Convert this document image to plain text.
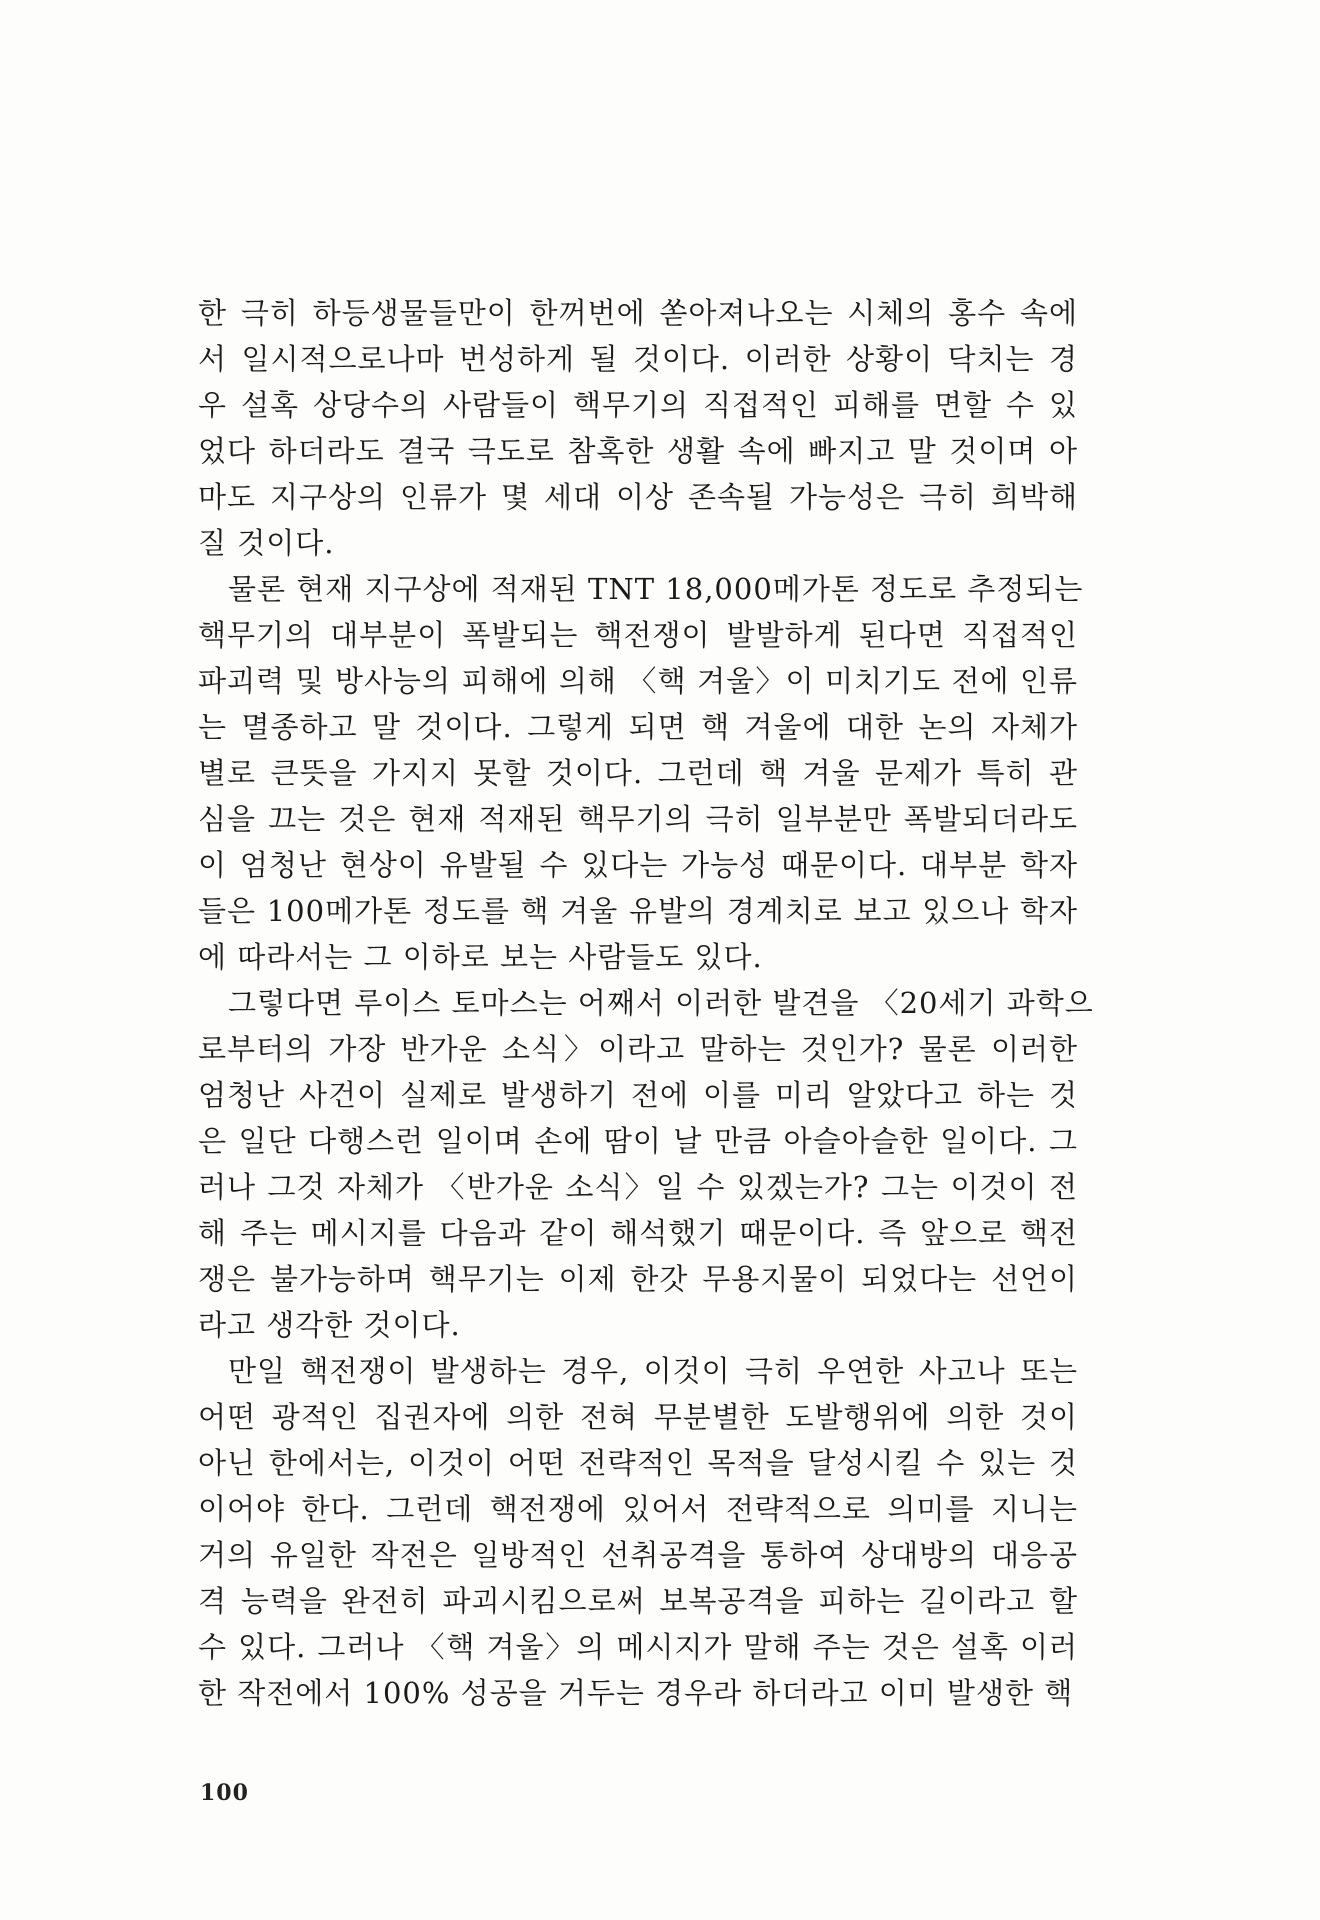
한 극히 하등생물들만이 한꺼번에 쏟아져나오는 시체의 홍수 속에
서 일시적으로나마 번성하게 될 것이다. 이러한 상황이 닥치는 경
우 설혹 상당수의 사람들이 핵무기의 직접적인 피해를 면할 수 있
었다 하더라도 결국 극도로 참혹한 생활 속에 빠지고 말 것이며 아
마도 지구상의 인류가 몇 세대 이상 존속될 가능성은 극히 희박해
질 것이다.
물론 현재 지구상에 적재된 TNT 18,000메가톤 정도로 추정되는
핵무기의 대부분이 폭발되는 핵전쟁이 발발하게 된다면 직접적인
파괴력 및 방사능의 피해에 의해 〈핵 겨울〉이 미치기도 전에 인류
는 멸종하고 말 것이다. 그렇게 되면 핵 겨울에 대한 논의 자체가
별로 큰뜻을 가지지 못할 것이다. 그런데 핵 겨울 문제가 특히 관
심을 끄는 것은 현재 적재된 핵무기의 극히 일부분만 폭발되더라도
이 엄청난 현상이 유발될 수 있다는 가능성 때문이다. 대부분 학자
들은 100메가톤 정도를 핵 겨울 유발의 경계치로 보고 있으나 학자
에 따라서는 그 이하로 보는 사람들도 있다.
그렇다면 루이스 토마스는 어째서 이러한 발견을 〈20세기 과학으
로부터의 가장 반가운 소식〉이라고 말하는 것인가? 물론 이러한
엄청난 사건이 실제로 발생하기 전에 이를 미리 알았다고 하는 것
은 일단 다행스런 일이며 손에 땀이 날 만큼 아슬아슬한 일이다. 그
러나 그것 자체가 〈반가운 소식〉일 수 있겠는가? 그는 이것이 전
해 주는 메시지를 다음과 같이 해석했기 때문이다. 즉 앞으로 핵전
쟁은 불가능하며 핵무기는 이제 한갓 무용지물이 되었다는 선언이
라고 생각한 것이다.
만일 핵전쟁이 발생하는 경우, 이것이 극히 우연한 사고나 또는
어떤 광적인 집권자에 의한 전혀 무분별한 도발행위에 의한 것이
아닌 한에서는, 이것이 어떤 전략적인 목적을 달성시킬 수 있는 것
이어야 한다. 그런데 핵전쟁에 있어서 전략적으로 의미를 지니는
거의 유일한 작전은 일방적인 선취공격을 통하여 상대방의 대응공
격 능력을 완전히 파괴시킴으로써 보복공격을 피하는 길이라고 할
수 있다. 그러나 〈핵 겨울〉의 메시지가 말해 주는 것은 설혹 이러
한 작전에서 100% 성공을 거두는 경우라 하더라고 이미 발생한 핵
100
